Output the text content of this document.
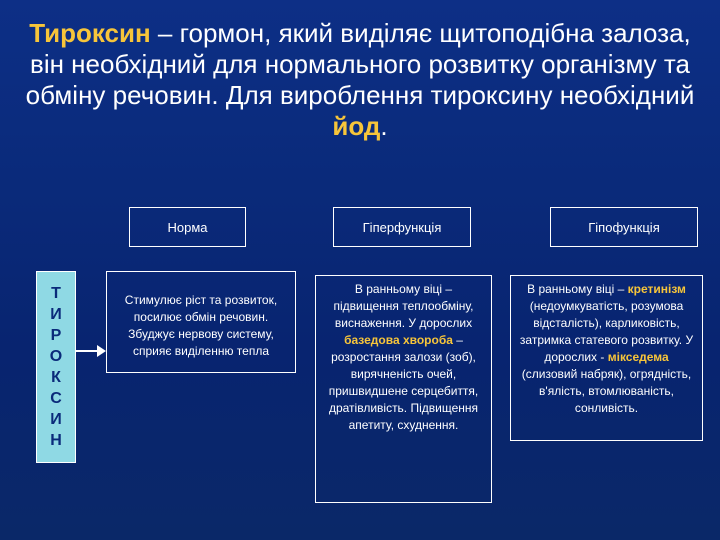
Тироксин – гормон, який виділяє щитоподібна залоза, він необхідний для нормального розвитку організму та обміну речовин. Для вироблення тироксину необхідний йод.
Норма	Гіперфункція	Гіпофункція
Т
И
Р
О
К
С
И
Н
Стимулює ріст та розвиток, посилює обмін речовин. Збуджує нервову систему, сприяє виділенню тепла
В ранньому віці – підвищення теплообміну, виснаження. У дорослих базедова хвороба – розростання залози (зоб), вирячненість очей, пришвидшене серцебиття, дратівливість. Підвищення апетиту, схуднення.
В ранньому віці – кретинізм (недоумкуватість, розумова відсталість), карликовість, затримка статевого розвитку. У дорослих - мікседема (слизовий набряк), огрядність, в'ялість, втомлюваність, сонливість.
